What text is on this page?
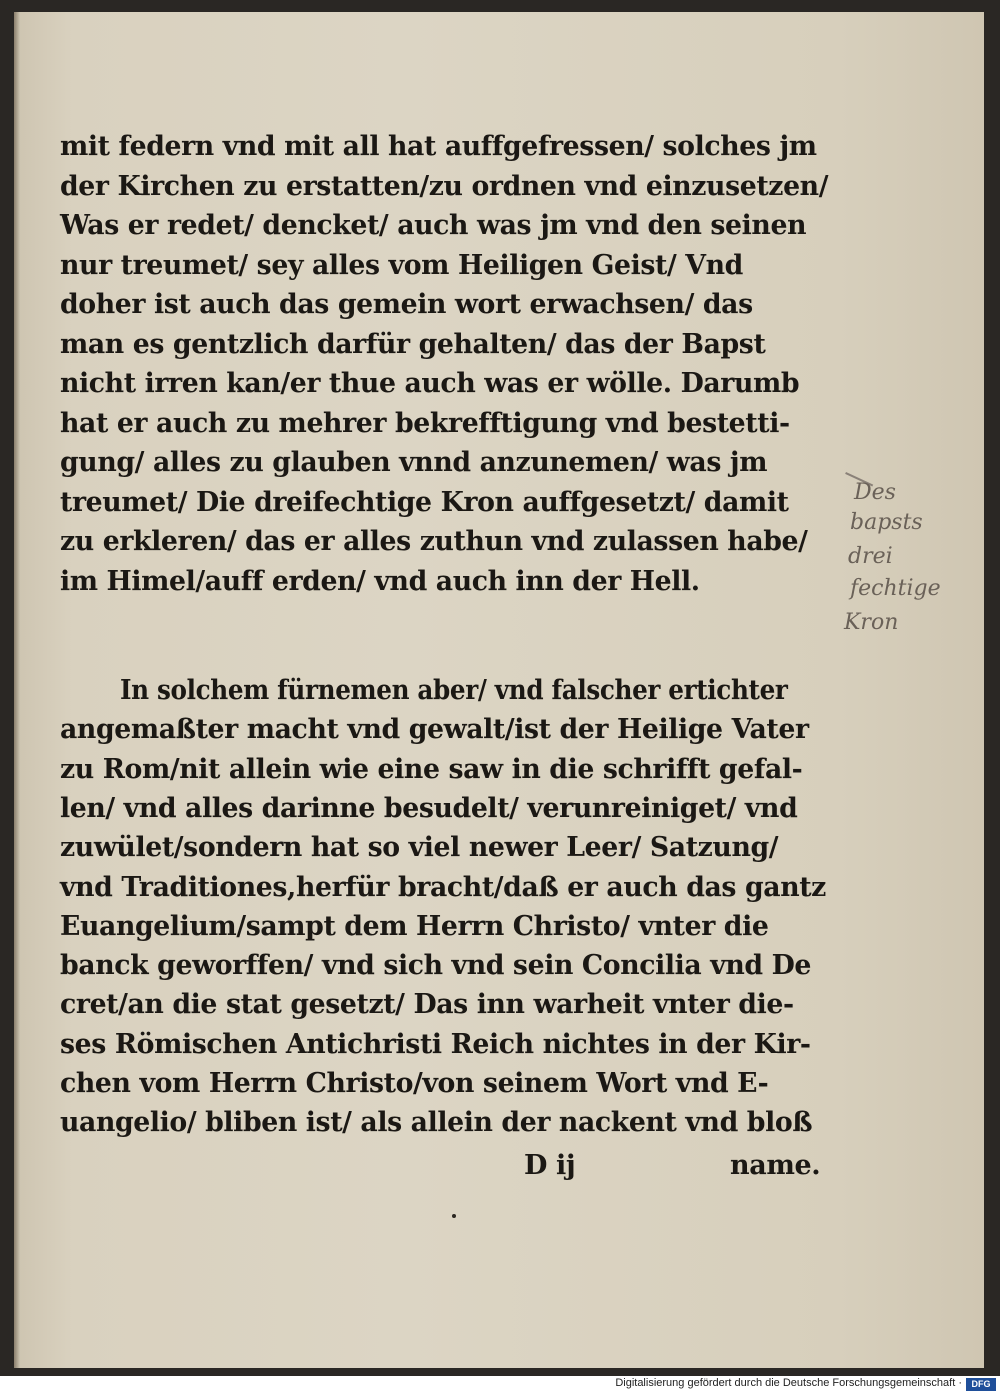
mit federn vnd mit all hat auffgefressen/ solches jm
der Kirchen zu erstatten/zu ordnen vnd einzusetzen/
Was er redet/ dencket/ auch was jm vnd den seinen
nur treumet/ sey alles vom Heiligen Geist/ Vnd
doher ist auch das gemein wort erwachsen/ das
man es gentzlich darfür gehalten/ das der Bapst
nicht irren kan/er thue auch was er wölle. Darumb
hat er auch zu mehrer bekrefftigung vnd bestetti-
gung/ alles zu glauben vnnd anzunemen/ was jm
treumet/ Die dreifechtige Kron auffgesetzt/ damit
zu erkleren/ das er alles zuthun vnd zulassen habe/
im Himel/auff erden/ vnd auch inn der Hell.
In solchem fürnemen aber/ vnd falscher ertichter
angemaßter macht vnd gewalt/ist der Heilige Vater
zu Rom/nit allein wie eine saw in die schrifft gefal-
len/ vnd alles darinne besudelt/ verunreiniget/ vnd
zuwület/sondern hat so viel newer Leer/ Satzung/
vnd Traditiones,herfür bracht/daß er auch das gantz
Euangelium/sampt dem Herrn Christo/ vnter die
banck geworffen/ vnd sich vnd sein Concilia vnd De
cret/an die stat gesetzt/ Das inn warheit vnter die-
ses Römischen Antichristi Reich nichtes in der Kir-
chen vom Herrn Christo/von seinem Wort vnd E-
uangelio/ bliben ist/ als allein der nackent vnd bloß
D ij	name.
Des
bapsts
drei
fechtige
Kron
Digitalisierung gefördert durch die Deutsche Forschungsgemeinschaft ·	DFG
